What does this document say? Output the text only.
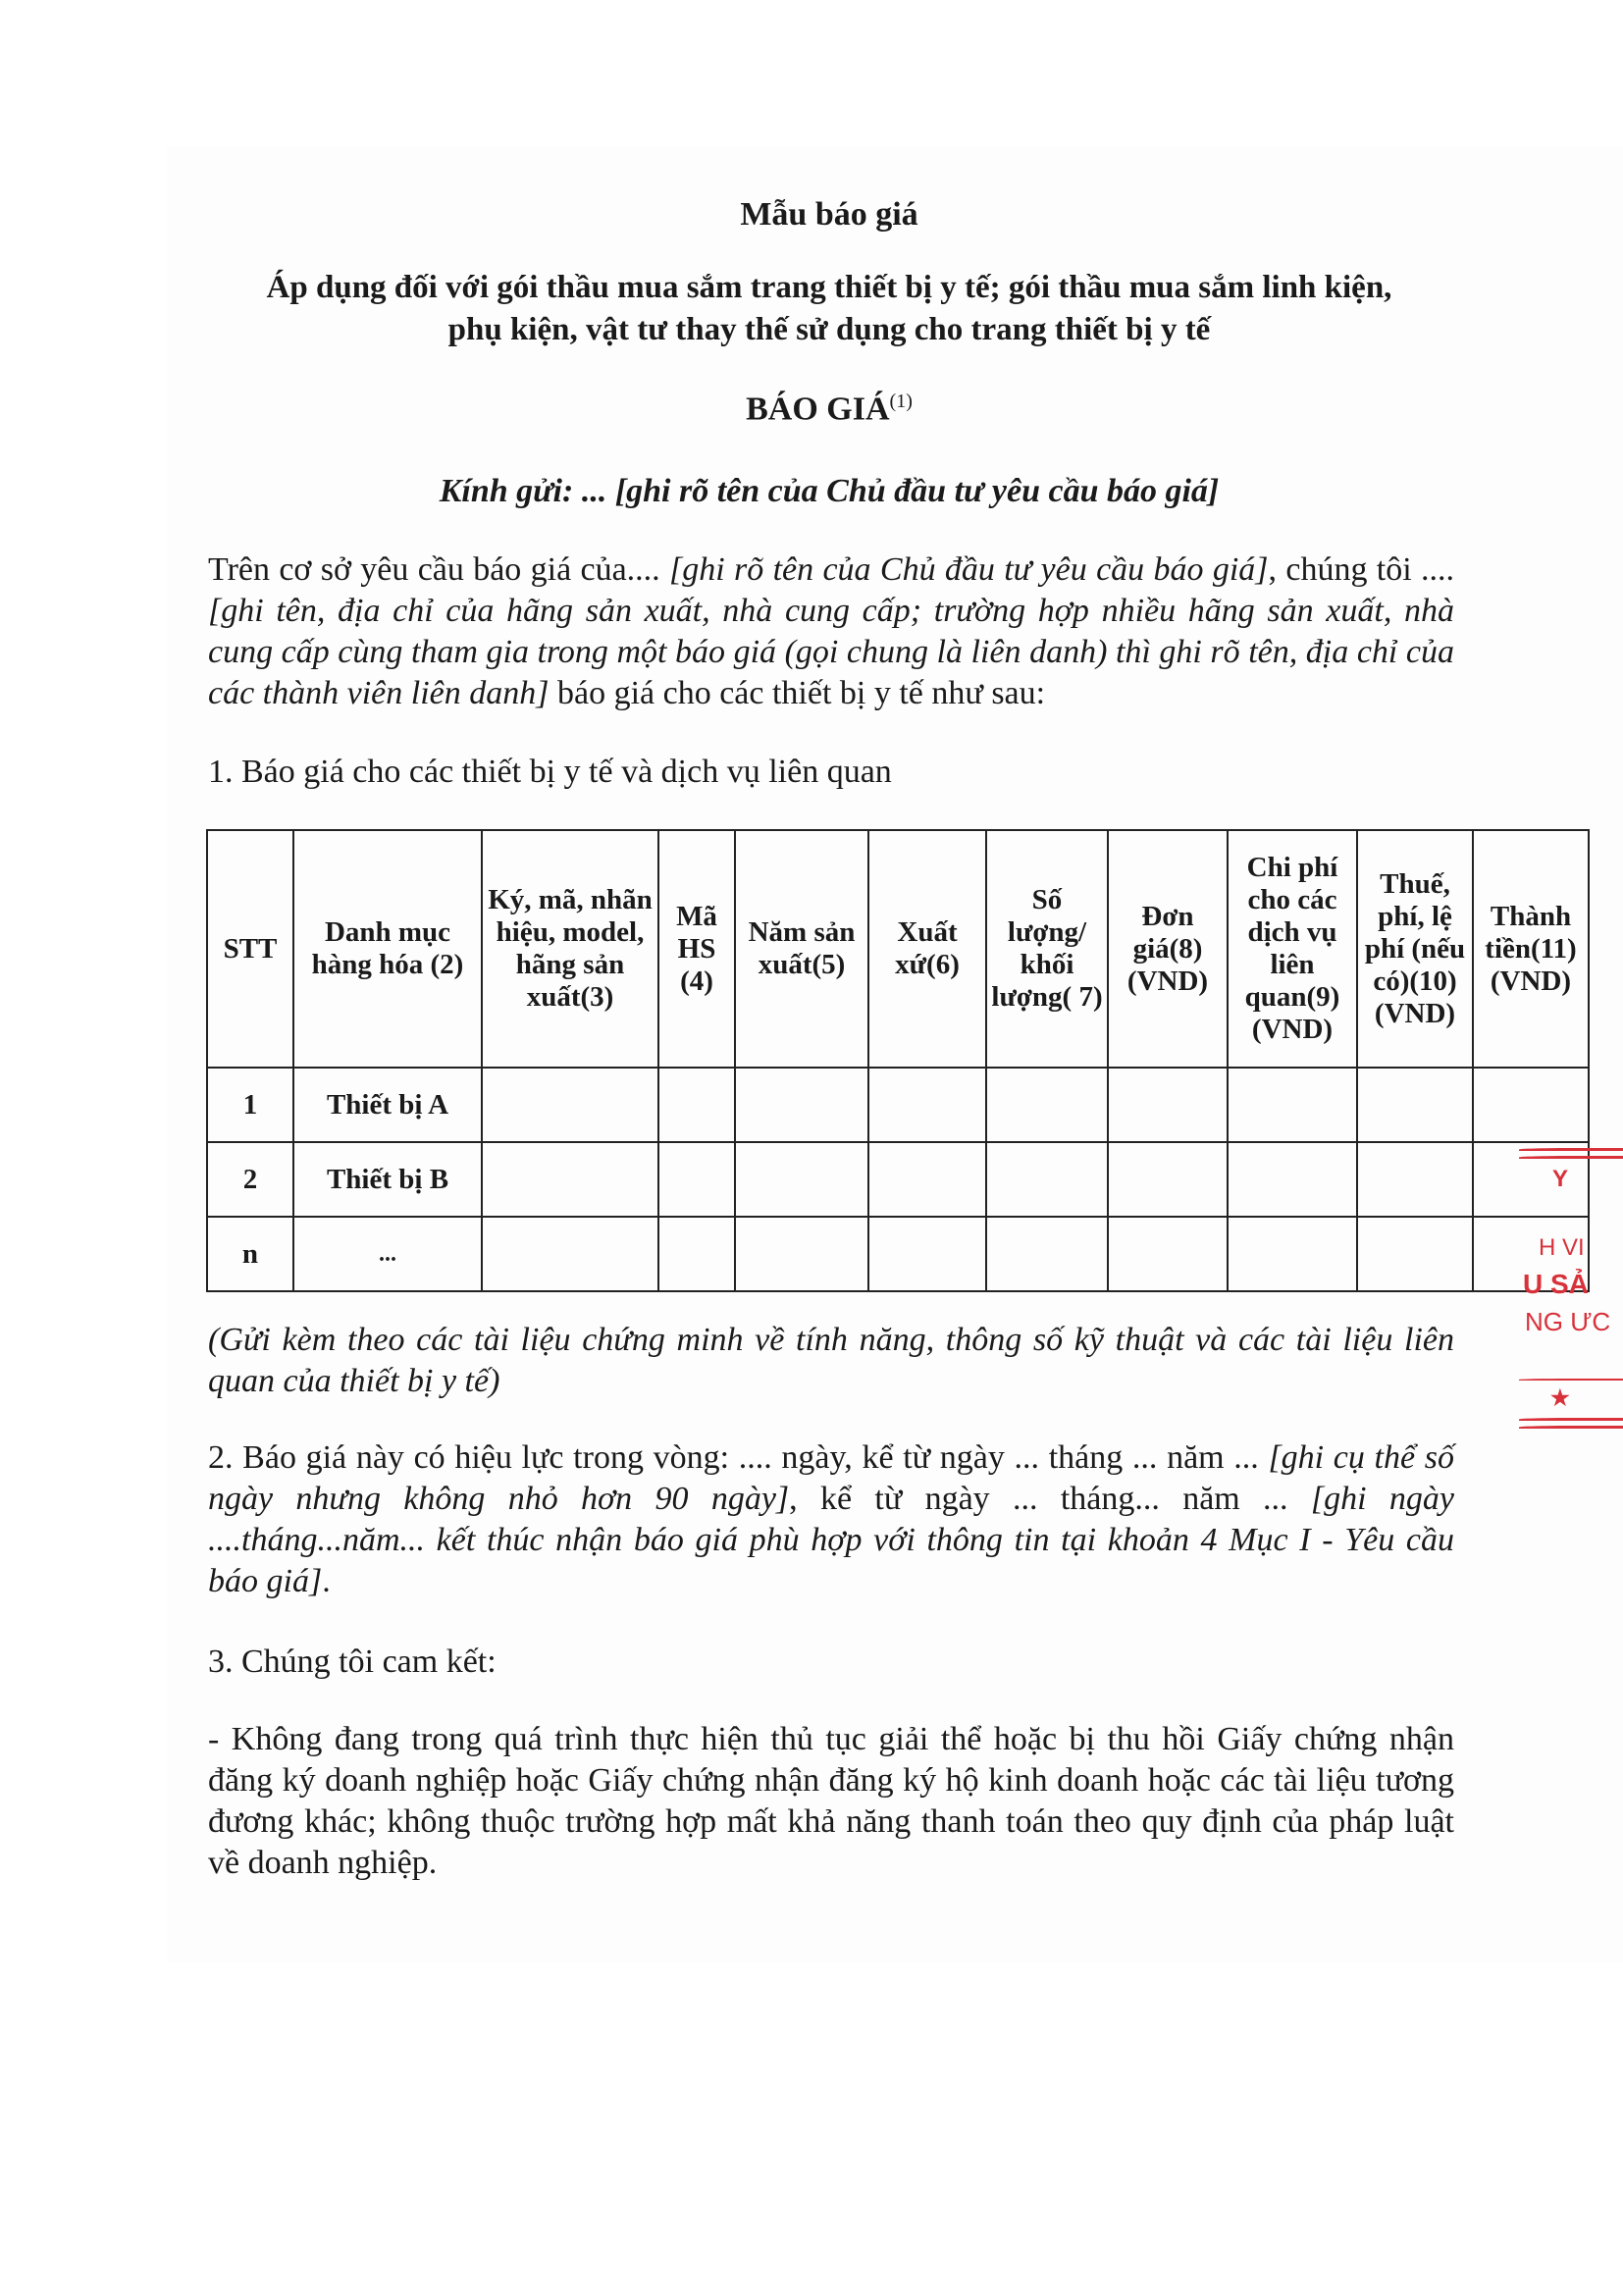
Mẫu báo giá
Áp dụng đối với gói thầu mua sắm trang thiết bị y tế; gói thầu mua sắm linh kiện,
phụ kiện, vật tư thay thế sử dụng cho trang thiết bị y tế
BÁO GIÁ$^{(1)}$
Kính gửi: ... [ghi rõ tên của Chủ đầu tư yêu cầu báo giá]
Trên cơ sở yêu cầu báo giá của.... [ghi rõ tên của Chủ đầu tư yêu cầu báo giá], chúng tôi .... [ghi tên, địa chỉ của hãng sản xuất, nhà cung cấp; trường hợp nhiều hãng sản xuất, nhà cung cấp cùng tham gia trong một báo giá (gọi chung là liên danh) thì ghi rõ tên, địa chỉ của các thành viên liên danh] báo giá cho các thiết bị y tế như sau:
1. Báo giá cho các thiết bị y tế và dịch vụ liên quan
STT	Danh mục hàng hóa (2)	Ký, mã, nhãn hiệu, model, hãng sản xuất(3)	Mã HS (4)	Năm sản xuất(5)	Xuất xứ(6)	Số lượng/ khối lượng( 7)	Đơn giá(8) (VND)	Chi phí cho các dịch vụ liên quan(9) (VND)	Thuế, phí, lệ phí (nếu có)(10) (VND)	Thành tiền(11) (VND)
1	Thiết bị A									
2	Thiết bị B									
n	...									
(Gửi kèm theo các tài liệu chứng minh về tính năng, thông số kỹ thuật và các tài liệu liên quan của thiết bị y tế)
2. Báo giá này có hiệu lực trong vòng: .... ngày, kể từ ngày ... tháng ... năm ... [ghi cụ thể số ngày nhưng không nhỏ hơn 90 ngày], kể từ ngày ... tháng... năm ... [ghi ngày ....tháng...năm... kết thúc nhận báo giá phù hợp với thông tin tại khoản 4 Mục I - Yêu cầu báo giá].
3. Chúng tôi cam kết:
- Không đang trong quá trình thực hiện thủ tục giải thể hoặc bị thu hồi Giấy chứng nhận đăng ký doanh nghiệp hoặc Giấy chứng nhận đăng ký hộ kinh doanh hoặc các tài liệu tương đương khác; không thuộc trường hợp mất khả năng thanh toán theo quy định của pháp luật về doanh nghiệp.
Y
H VI
U SẢ
NG ƯC
★
